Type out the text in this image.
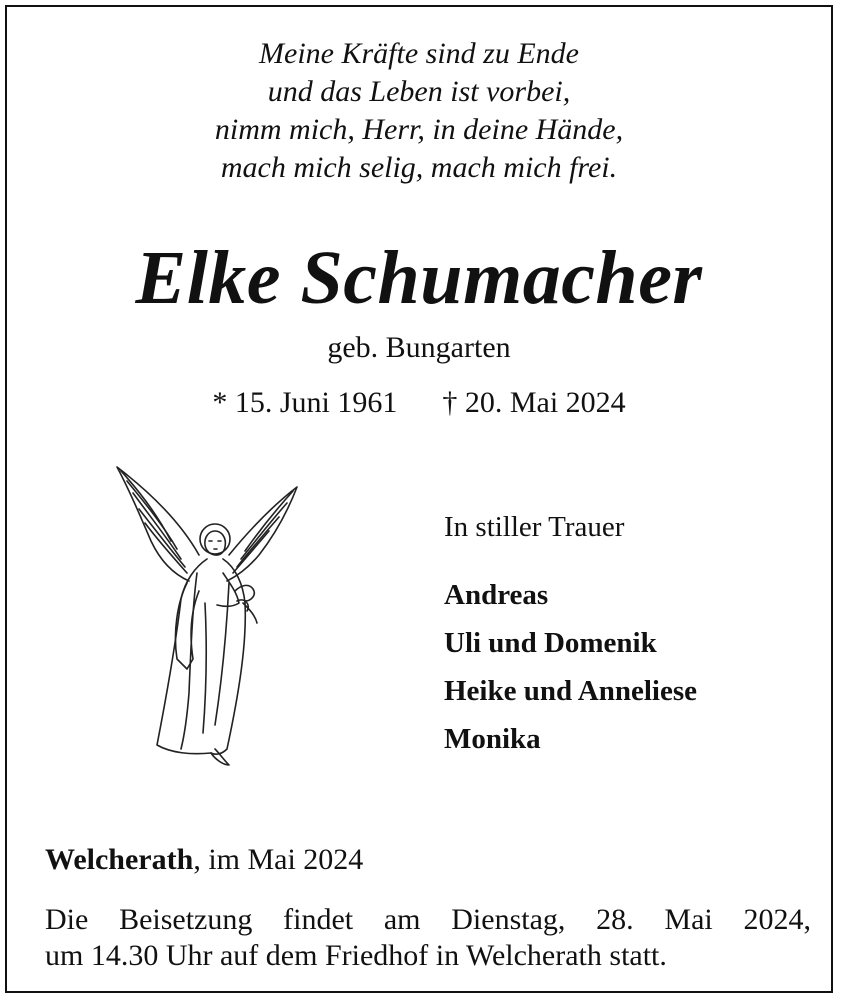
Meine Kräfte sind zu Ende
und das Leben ist vorbei,
nimm mich, Herr, in deine Hände,
mach mich selig, mach mich frei.
Elke Schumacher
geb. Bungarten
* 15. Juni 1961 † 20. Mai 2024
In stiller Trauer
Andreas
Uli und Domenik
Heike und Anneliese
Monika
Welcherath, im Mai 2024
Die Beisetzung findet am Dienstag, 28. Mai 2024,
um 14.30 Uhr auf dem Friedhof in Welcherath statt.
